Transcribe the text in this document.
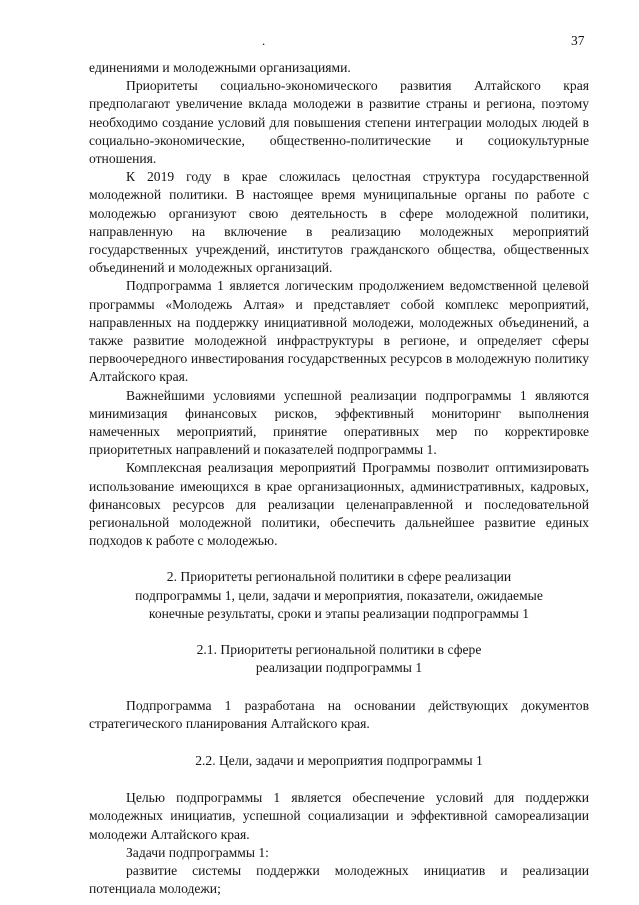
.	37

единениями и молодежными организациями.

Приоритеты социально-экономического развития Алтайского края предполагают увеличение вклада молодежи в развитие страны и региона, поэтому необходимо создание условий для повышения степени интеграции молодых людей в социально-экономические, общественно-политические и социокультурные отношения.

К 2019 году в крае сложилась целостная структура государственной молодежной политики. В настоящее время муниципальные органы по работе с молодежью организуют свою деятельность в сфере молодежной политики, направленную на включение в реализацию молодежных мероприятий государственных учреждений, институтов гражданского общества, общественных объединений и молодежных организаций.

Подпрограмма 1 является логическим продолжением ведомственной целевой программы «Молодежь Алтая» и представляет собой комплекс мероприятий, направленных на поддержку инициативной молодежи, молодежных объединений, а также развитие молодежной инфраструктуры в регионе, и определяет сферы первоочередного инвестирования государственных ресурсов в молодежную политику Алтайского края.

Важнейшими условиями успешной реализации подпрограммы 1 являются минимизация финансовых рисков, эффективный мониторинг выполнения намеченных мероприятий, принятие оперативных мер по корректировке приоритетных направлений и показателей подпрограммы 1.

Комплексная реализация мероприятий Программы позволит оптимизировать использование имеющихся в крае организационных, административных, кадровых, финансовых ресурсов для реализации целенаправленной и последовательной региональной молодежной политики, обеспечить дальнейшее развитие единых подходов к работе с молодежью.

2. Приоритеты региональной политики в сфере реализации

подпрограммы 1, цели, задачи и мероприятия, показатели, ожидаемые

конечные результаты, сроки и этапы реализации подпрограммы 1

2.1. Приоритеты региональной политики в сфере

реализации подпрограммы 1

Подпрограмма 1 разработана на основании действующих документов стратегического планирования Алтайского края.

2.2. Цели, задачи и мероприятия подпрограммы 1

Целью подпрограммы 1 является обеспечение условий для поддержки молодежных инициатив, успешной социализации и эффективной самореализации молодежи Алтайского края.

Задачи подпрограммы 1:

развитие системы поддержки молодежных инициатив и реализации потенциала молодежи;
